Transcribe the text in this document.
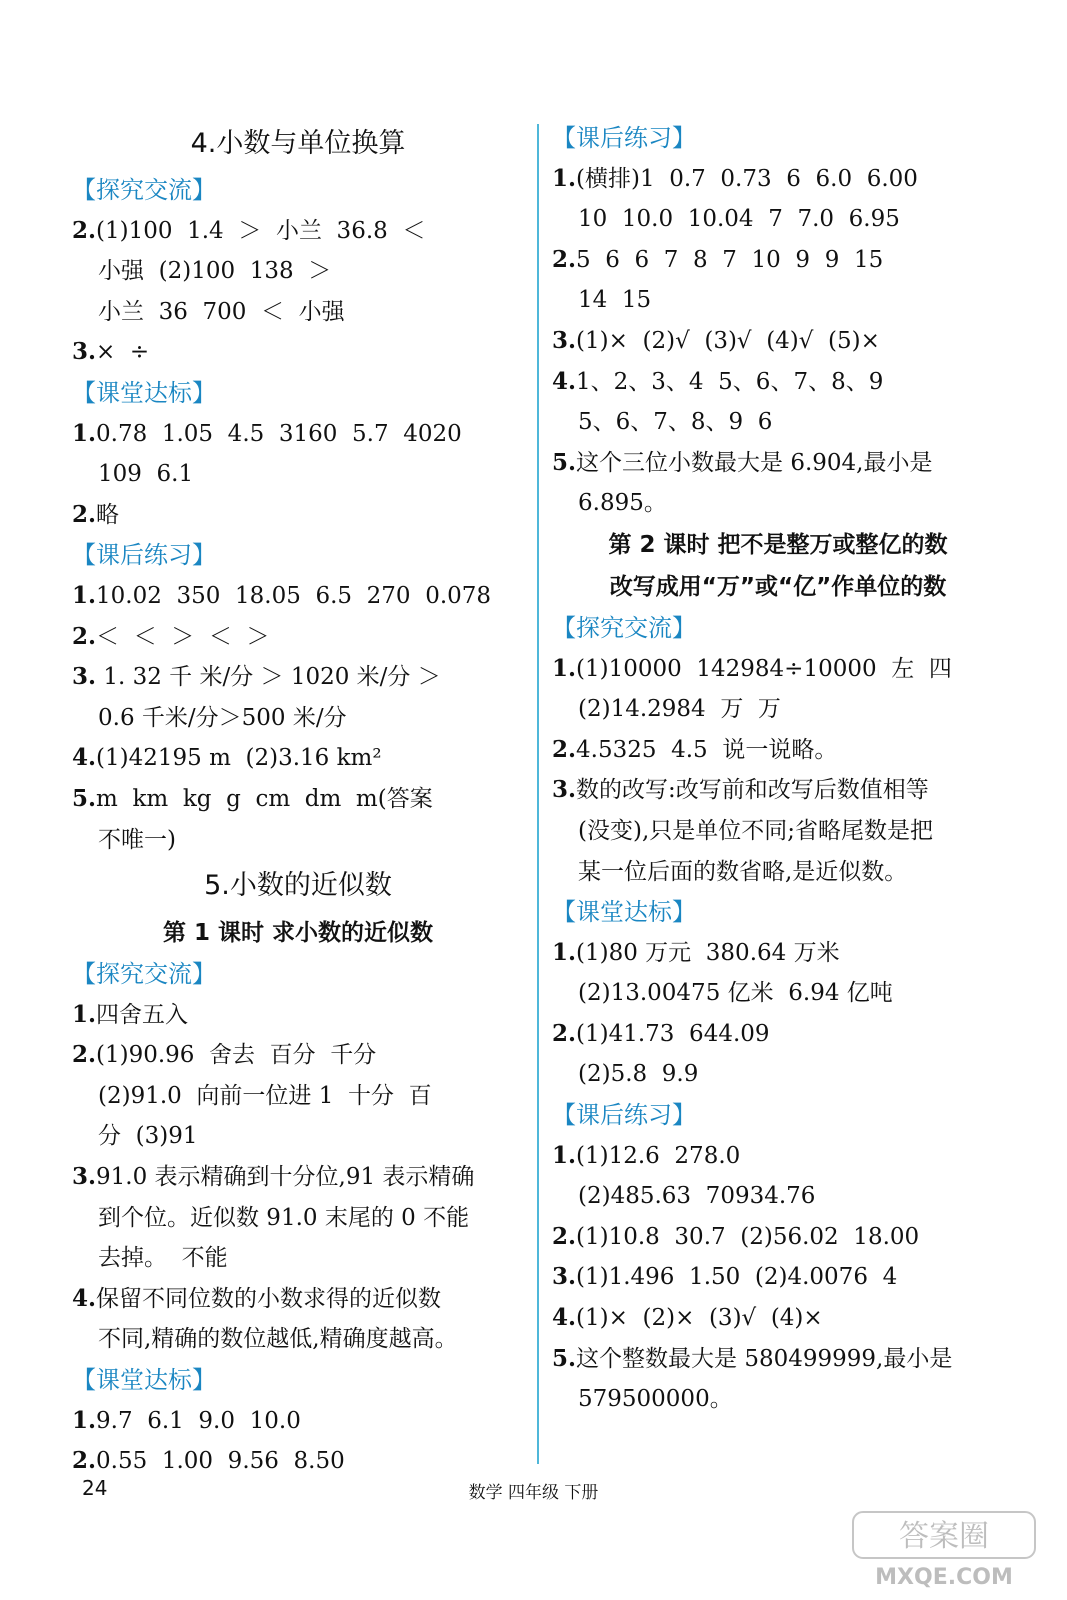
4.小数与单位换算
【探究交流】
2.(1)100  1.4  ＞  小兰  36.8  ＜
小强  (2)100  138  ＞
小兰  36  700  ＜  小强
3.×  ÷
【课堂达标】
1.0.78  1.05  4.5  3160  5.7  4020
109  6.1
2.略
【课后练习】
1.10.02  350  18.05  6.5  270  0.078
2.＜  ＜  ＞  ＜  ＞
3. 1. 32 千 米/分 ＞ 1020 米/分 ＞
0.6 千米/分＞500 米/分
4.(1)42195 m  (2)3.16 km²
5.m  km  kg  g  cm  dm  m(答案
不唯一)
5.小数的近似数
第 1 课时 求小数的近似数
【探究交流】
1.四舍五入
2.(1)90.96  舍去  百分  千分
(2)91.0  向前一位进 1  十分  百
分  (3)91
3.91.0 表示精确到十分位,91 表示精确
到个位。近似数 91.0 末尾的 0 不能
去掉。  不能
4.保留不同位数的小数求得的近似数
不同,精确的数位越低,精确度越高。
【课堂达标】
1.9.7  6.1  9.0  10.0
2.0.55  1.00  9.56  8.50
【课后练习】
1.(横排)1  0.7  0.73  6  6.0  6.00
10  10.0  10.04  7  7.0  6.95
2.5  6  6  7  8  7  10  9  9  15
14  15
3.(1)×  (2)√  (3)√  (4)√  (5)×
4.1、2、3、4  5、6、7、8、9
5、6、7、8、9  6
5.这个三位小数最大是 6.904,最小是
6.895。
第 2 课时 把不是整万或整亿的数
改写成用“万”或“亿”作单位的数
【探究交流】
1.(1)10000  142984÷10000  左  四
(2)14.2984  万  万
2.4.5325  4.5  说一说略。
3.数的改写:改写前和改写后数值相等
(没变),只是单位不同;省略尾数是把
某一位后面的数省略,是近似数。
【课堂达标】
1.(1)80 万元  380.64 万米
(2)13.00475 亿米  6.94 亿吨
2.(1)41.73  644.09
(2)5.8  9.9
【课后练习】
1.(1)12.6  278.0
(2)485.63  70934.76
2.(1)10.8  30.7  (2)56.02  18.00
3.(1)1.496  1.50  (2)4.0076  4
4.(1)×  (2)×  (3)√  (4)×
5.这个整数最大是 580499999,最小是
579500000。
24	数学 四年级 下册
答案圈
MXQE.COM
